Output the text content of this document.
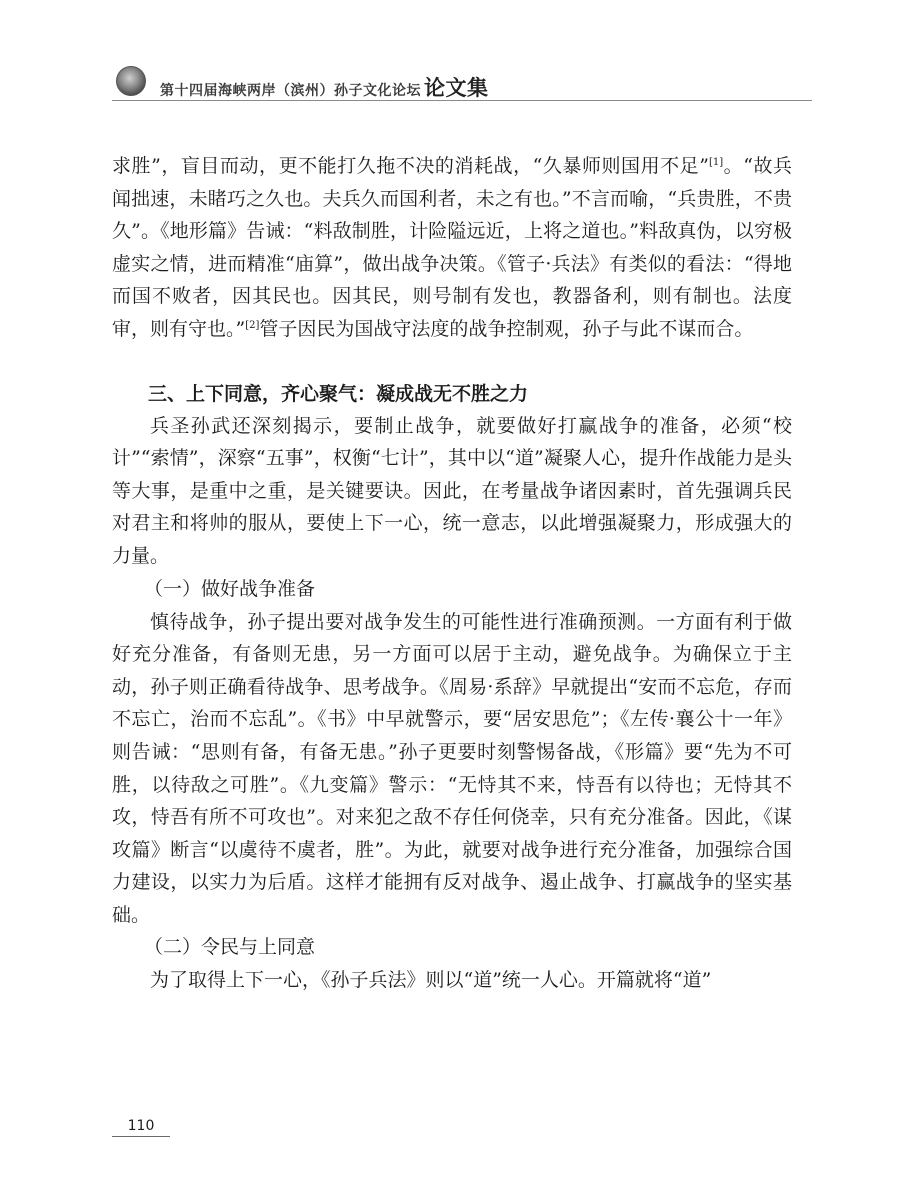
第十四届海峡两岸（滨州）孙子文化论坛 论文集

求胜”，盲目而动，更不能打久拖不决的消耗战，“久暴师则国用不足”[1]。“故兵闻拙速，未睹巧之久也。夫兵久而国利者，未之有也。”不言而喻，“兵贵胜，不贵久”。《地形篇》告诫：“料敌制胜，计险隘远近，上将之道也。”料敌真伪，以穷极虚实之情，进而精准“庙算”，做出战争决策。《管子·兵法》有类似的看法：“得地而国不败者，因其民也。因其民，则号制有发也，教器备利，则有制也。法度审，则有守也。”[2]管子因民为国战守法度的战争控制观，孙子与此不谋而合。

三、上下同意，齐心聚气：凝成战无不胜之力

兵圣孙武还深刻揭示，要制止战争，就要做好打赢战争的准备，必须“校计”“索情”，深察“五事”，权衡“七计”，其中以“道”凝聚人心，提升作战能力是头等大事，是重中之重，是关键要诀。因此，在考量战争诸因素时，首先强调兵民对君主和将帅的服从，要使上下一心，统一意志，以此增强凝聚力，形成强大的力量。

（一）做好战争准备

慎待战争，孙子提出要对战争发生的可能性进行准确预测。一方面有利于做好充分准备，有备则无患，另一方面可以居于主动，避免战争。为确保立于主动，孙子则正确看待战争、思考战争。《周易·系辞》早就提出“安而不忘危，存而不忘亡，治而不忘乱”。《书》中早就警示，要“居安思危”；《左传·襄公十一年》则告诫：“思则有备，有备无患。”孙子更要时刻警惕备战，《形篇》要“先为不可胜，以待敌之可胜”。《九变篇》警示：“无恃其不来，恃吾有以待也；无恃其不攻，恃吾有所不可攻也”。对来犯之敌不存任何侥幸，只有充分准备。因此，《谋攻篇》断言“以虞待不虞者，胜”。为此，就要对战争进行充分准备，加强综合国力建设，以实力为后盾。这样才能拥有反对战争、遏止战争、打赢战争的坚实基础。

（二）令民与上同意

为了取得上下一心，《孙子兵法》则以“道”统一人心。开篇就将“道”

110
